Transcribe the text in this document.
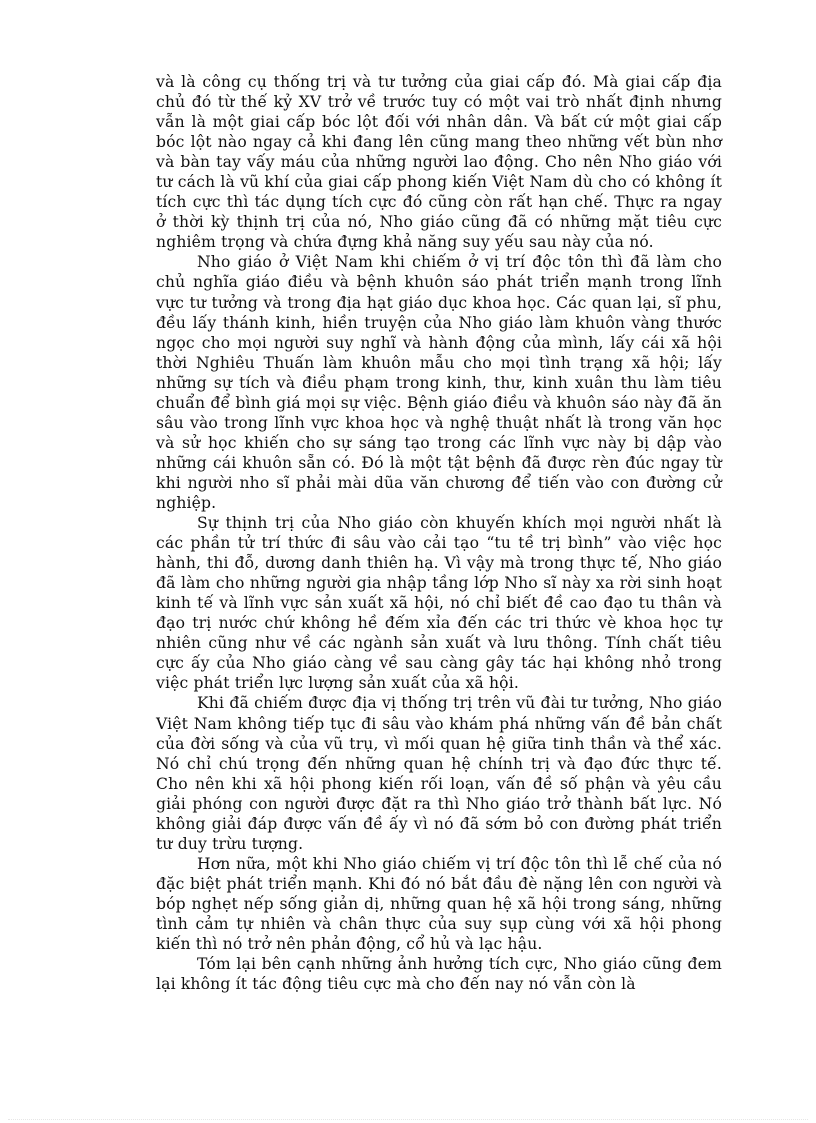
và là công cụ thống trị và tư tưởng của giai cấp đó. Mà giai cấp địa chủ đó từ thế kỷ XV trở về trước tuy có một vai trò nhất định nhưng vẫn là một giai cấp bóc lột đối với nhân dân. Và bất cứ một giai cấp bóc lột nào ngay cả khi đang lên cũng mang theo những vết bùn nhơ và bàn tay vấy máu của những người lao động. Cho nên Nho giáo với tư cách là vũ khí của giai cấp phong kiến Việt Nam dù cho có không ít tích cực thì tác dụng tích cực đó cũng còn rất hạn chế. Thực ra ngay ở thời kỳ thịnh trị của nó, Nho giáo cũng đã có những mặt tiêu cực nghiêm trọng và chứa đựng khả năng suy yếu sau này của nó.

Nho giáo ở Việt Nam khi chiếm ở vị trí độc tôn thì đã làm cho chủ nghĩa giáo điều và bệnh khuôn sáo phát triển mạnh trong lĩnh vực tư tưởng và trong địa hạt giáo dục khoa học. Các quan lại, sĩ phu, đều lấy thánh kinh, hiền truyện của Nho giáo làm khuôn vàng thước ngọc cho mọi người suy nghĩ và hành động của mình, lấy cái xã hội thời Nghiêu Thuấn làm khuôn mẫu cho mọi tình trạng xã hội; lấy những sự tích và điều phạm trong kinh, thư, kinh xuân thu làm tiêu chuẩn để bình giá mọi sự việc. Bệnh giáo điều và khuôn sáo này đã ăn sâu vào trong lĩnh vực khoa học và nghệ thuật nhất là trong văn học và sử học khiến cho sự sáng tạo trong các lĩnh vực này bị dập vào những cái khuôn sẵn có. Đó là một tật bệnh đã được rèn đúc ngay từ khi người nho sĩ phải mài dũa văn chương để tiến vào con đường cử nghiệp.

Sự thịnh trị của Nho giáo còn khuyến khích mọi người nhất là các phần tử trí thức đi sâu vào cải tạo “tu tề trị bình” vào việc học hành, thi đỗ, dương danh thiên hạ. Vì vậy mà trong thực tế, Nho giáo đã làm cho những người gia nhập tầng lớp Nho sĩ này xa rời sinh hoạt kinh tế và lĩnh vực sản xuất xã hội, nó chỉ biết đề cao đạo tu thân và đạo trị nước chứ không hề đếm xỉa đến các tri thức vè khoa học tự nhiên cũng như về các ngành sản xuất và lưu thông. Tính chất tiêu cực ấy của Nho giáo càng về sau càng gây tác hại không nhỏ trong việc phát triển lực lượng sản xuất của xã hội.

Khi đã chiếm được địa vị thống trị trên vũ đài tư tưởng, Nho giáo Việt Nam không tiếp tục đi sâu vào khám phá những vấn đề bản chất của đời sống và của vũ trụ, vì mối quan hệ giữa tinh thần và thể xác. Nó chỉ chú trọng đến những quan hệ chính trị và đạo đức thực tế. Cho nên khi xã hội phong kiến rối loạn, vấn đề số phận và yêu cầu giải phóng con người được đặt ra thì Nho giáo trở thành bất lực. Nó không giải đáp được vấn đề ấy vì nó đã sớm bỏ con đường phát triển tư duy trừu tượng.

Hơn nữa, một khi Nho giáo chiếm vị trí độc tôn thì lễ chế của nó đặc biệt phát triển mạnh. Khi đó nó bắt đầu đè nặng lên con người và bóp nghẹt nếp sống giản dị, những quan hệ xã hội trong sáng, những tình cảm tự nhiên và chân thực của suy sụp cùng với xã hội phong kiến thì nó trở nên phản động, cổ hủ và lạc hậu.

Tóm lại bên cạnh những ảnh hưởng tích cực, Nho giáo cũng đem lại không ít tác động tiêu cực mà cho đến nay nó vẫn còn là
